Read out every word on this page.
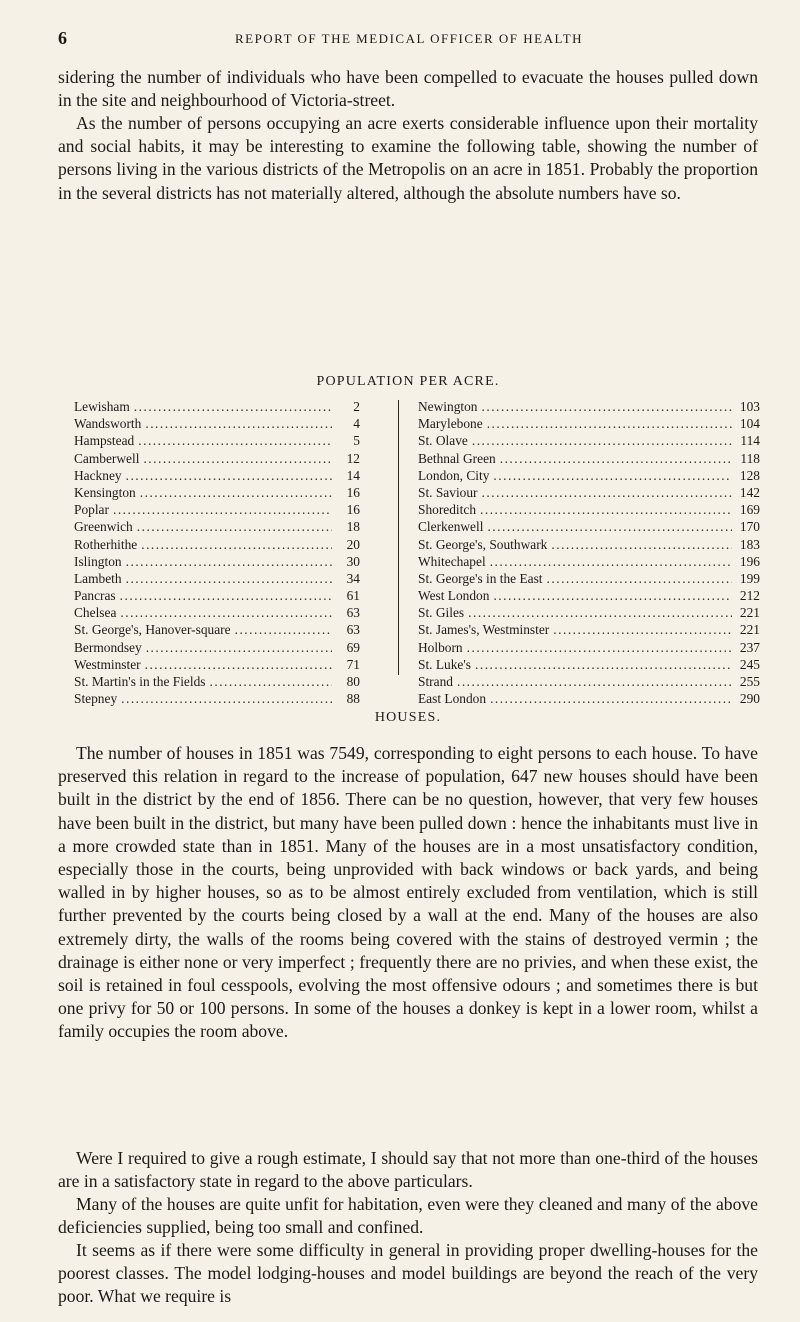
6	REPORT OF THE MEDICAL OFFICER OF HEALTH

sidering the number of individuals who have been compelled to evacuate the houses pulled down in the site and neighbourhood of Victoria-street.

As the number of persons occupying an acre exerts considerable influence upon their mortality and social habits, it may be interesting to examine the following table, showing the number of persons living in the various districts of the Metropolis on an acre in 1851. Probably the proportion in the several districts has not materially altered, although the absolute numbers have so.

POPULATION PER ACRE.
Lewisham .....	2
Wandsworth .....	4
Hampstead .....	5
Camberwell .....	12
Hackney .....	14
Kensington .....	16
Poplar .....	16
Greenwich .....	18
Rotherhithe .....	20
Islington .....	30
Lambeth .....	34
Pancras .....	61
Chelsea .....	63
St. George's, Hanover-square .....	63
Bermondsey .....	69
Westminster .....	71
St. Martin's in the Fields .....	80
Stepney .....	88
Newington .....	103
Marylebone .....	104
St. Olave .....	114
Bethnal Green .....	118
London, City .....	128
St. Saviour .....	142
Shoreditch .....	169
Clerkenwell .....	170
St. George's, Southwark .....	183
Whitechapel .....	196
St. George's in the East .....	199
West London .....	212
St. Giles .....	221
St. James's, Westminster .....	221
Holborn .....	237
St. Luke's .....	245
Strand .....	255
East London .....	290
HOUSES.

The number of houses in 1851 was 7549, corresponding to eight persons to each house. To have preserved this relation in regard to the increase of population, 647 new houses should have been built in the district by the end of 1856. There can be no question, however, that very few houses have been built in the district, but many have been pulled down : hence the inhabitants must live in a more crowded state than in 1851. Many of the houses are in a most unsatisfactory condition, especially those in the courts, being unprovided with back windows or back yards, and being walled in by higher houses, so as to be almost entirely excluded from ventilation, which is still further prevented by the courts being closed by a wall at the end. Many of the houses are also extremely dirty, the walls of the rooms being covered with the stains of destroyed vermin ; the drainage is either none or very imperfect ; frequently there are no privies, and when these exist, the soil is retained in foul cesspools, evolving the most offensive odours ; and sometimes there is but one privy for 50 or 100 persons. In some of the houses a donkey is kept in a lower room, whilst a family occupies the room above.

Were I required to give a rough estimate, I should say that not more than one-third of the houses are in a satisfactory state in regard to the above particulars.

Many of the houses are quite unfit for habitation, even were they cleaned and many of the above deficiencies supplied, being too small and confined.

It seems as if there were some difficulty in general in providing proper dwelling-houses for the poorest classes. The model lodging-houses and model buildings are beyond the reach of the very poor. What we require is
